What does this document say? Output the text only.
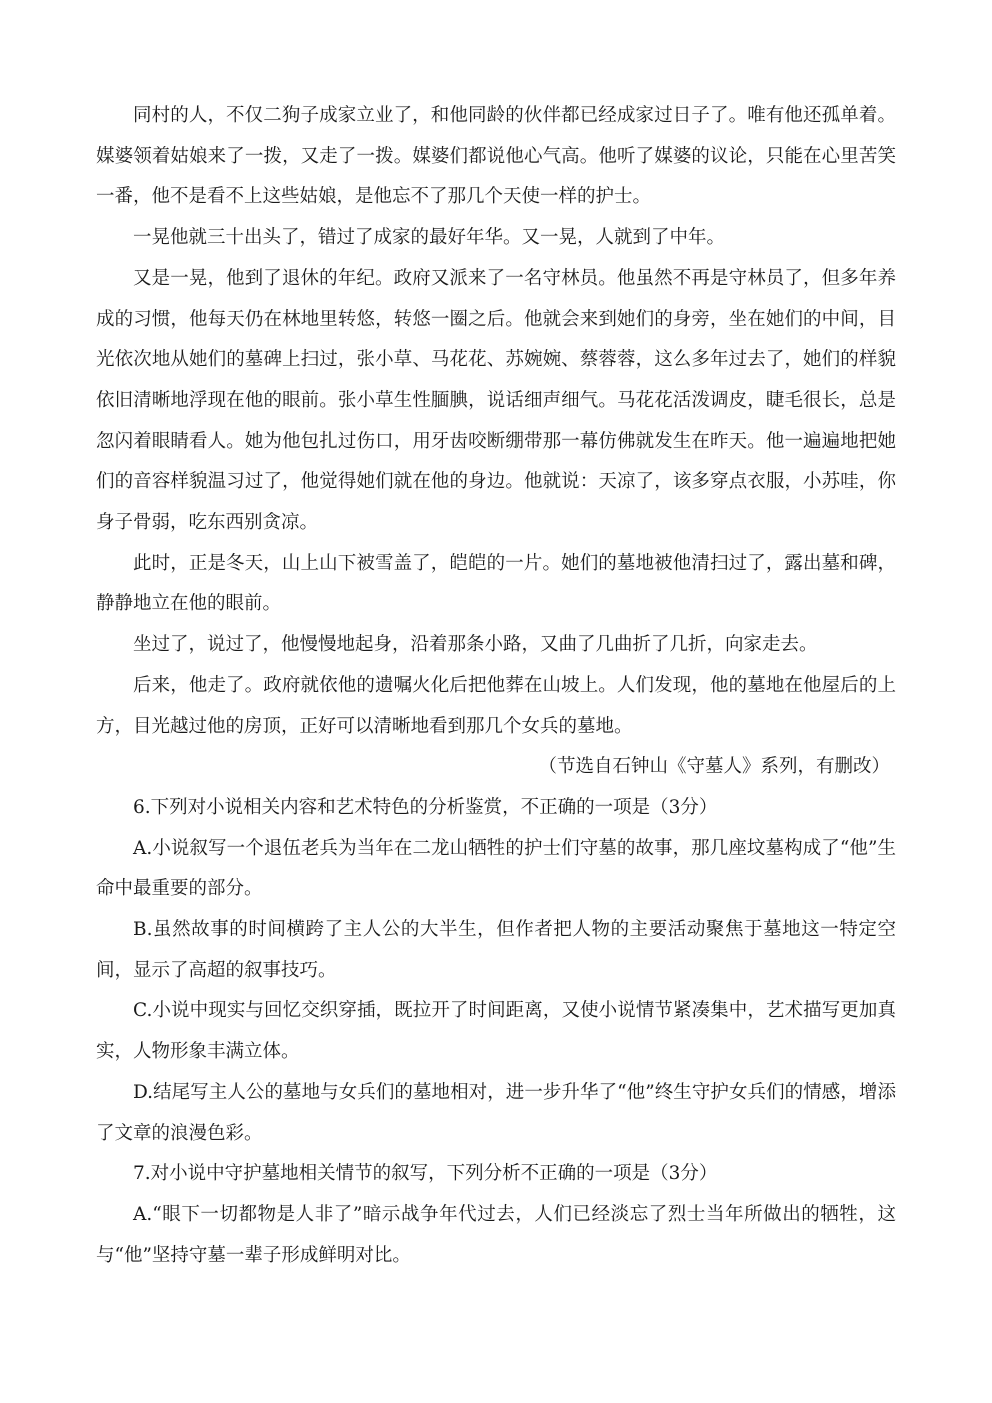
同村的人，不仅二狗子成家立业了，和他同龄的伙伴都已经成家过日子了。唯有他还孤单着。媒婆领着姑娘来了一拨，又走了一拨。媒婆们都说他心气高。他听了媒婆的议论，只能在心里苦笑一番，他不是看不上这些姑娘，是他忘不了那几个天使一样的护士。

一晃他就三十出头了，错过了成家的最好年华。又一晃，人就到了中年。

又是一晃，他到了退休的年纪。政府又派来了一名守林员。他虽然不再是守林员了，但多年养成的习惯，他每天仍在林地里转悠，转悠一圈之后。他就会来到她们的身旁，坐在她们的中间，目光依次地从她们的墓碑上扫过，张小草、马花花、苏婉婉、蔡蓉蓉，这么多年过去了，她们的样貌依旧清晰地浮现在他的眼前。张小草生性腼腆，说话细声细气。马花花活泼调皮，睫毛很长，总是忽闪着眼睛看人。她为他包扎过伤口，用牙齿咬断绷带那一幕仿佛就发生在昨天。他一遍遍地把她们的音容样貌温习过了，他觉得她们就在他的身边。他就说：天凉了，该多穿点衣服，小苏哇，你身子骨弱，吃东西别贪凉。

此时，正是冬天，山上山下被雪盖了，皑皑的一片。她们的墓地被他清扫过了，露出墓和碑，静静地立在他的眼前。

坐过了，说过了，他慢慢地起身，沿着那条小路，又曲了几曲折了几折，向家走去。

后来，他走了。政府就依他的遗嘱火化后把他葬在山坡上。人们发现，他的墓地在他屋后的上方，目光越过他的房顶，正好可以清晰地看到那几个女兵的墓地。

（节选自石钟山《守墓人》系列，有删改）

6.下列对小说相关内容和艺术特色的分析鉴赏，不正确的一项是（3分）

A.小说叙写一个退伍老兵为当年在二龙山牺牲的护士们守墓的故事，那几座坟墓构成了“他”生命中最重要的部分。

B.虽然故事的时间横跨了主人公的大半生，但作者把人物的主要活动聚焦于墓地这一特定空间，显示了高超的叙事技巧。

C.小说中现实与回忆交织穿插，既拉开了时间距离，又使小说情节紧凑集中，艺术描写更加真实，人物形象丰满立体。

D.结尾写主人公的墓地与女兵们的墓地相对，进一步升华了“他”终生守护女兵们的情感，增添了文章的浪漫色彩。

7.对小说中守护墓地相关情节的叙写，下列分析不正确的一项是（3分）

A.“眼下一切都物是人非了”暗示战争年代过去，人们已经淡忘了烈士当年所做出的牺牲，这与“他”坚持守墓一辈子形成鲜明对比。
